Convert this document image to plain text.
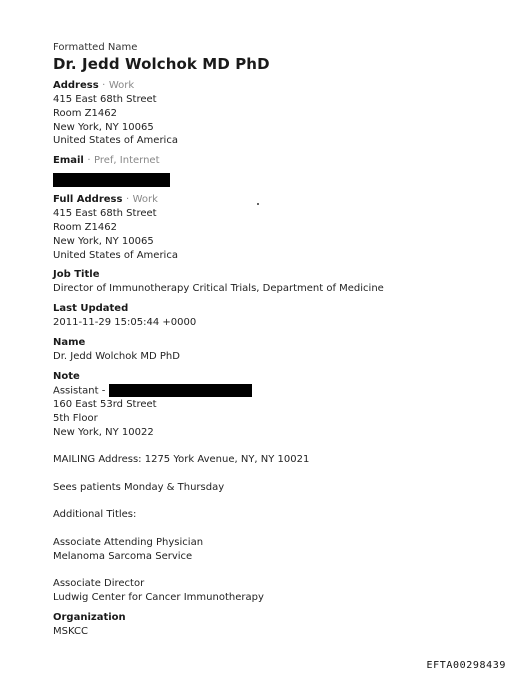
Formatted Name
Dr. Jedd Wolchok MD PhD
Address · Work
415 East 68th Street
Room Z1462
New York, NY 10065
United States of America
Email · Pref, Internet
Full Address · Work
415 East 68th Street
Room Z1462
New York, NY 10065
United States of America
Job Title
Director of Immunotherapy Critical Trials, Department of Medicine
Last Updated
2011-11-29 15:05:44 +0000
Name
Dr. Jedd Wolchok MD PhD
Note
Assistant -
160 East 53rd Street
5th Floor
New York, NY 10022
MAILING Address: 1275 York Avenue, NY, NY 10021
Sees patients Monday & Thursday
Additional Titles:
Associate Attending Physician
Melanoma Sarcoma Service
Associate Director
Ludwig Center for Cancer Immunotherapy
Organization
MSKCC
EFTA00298439
